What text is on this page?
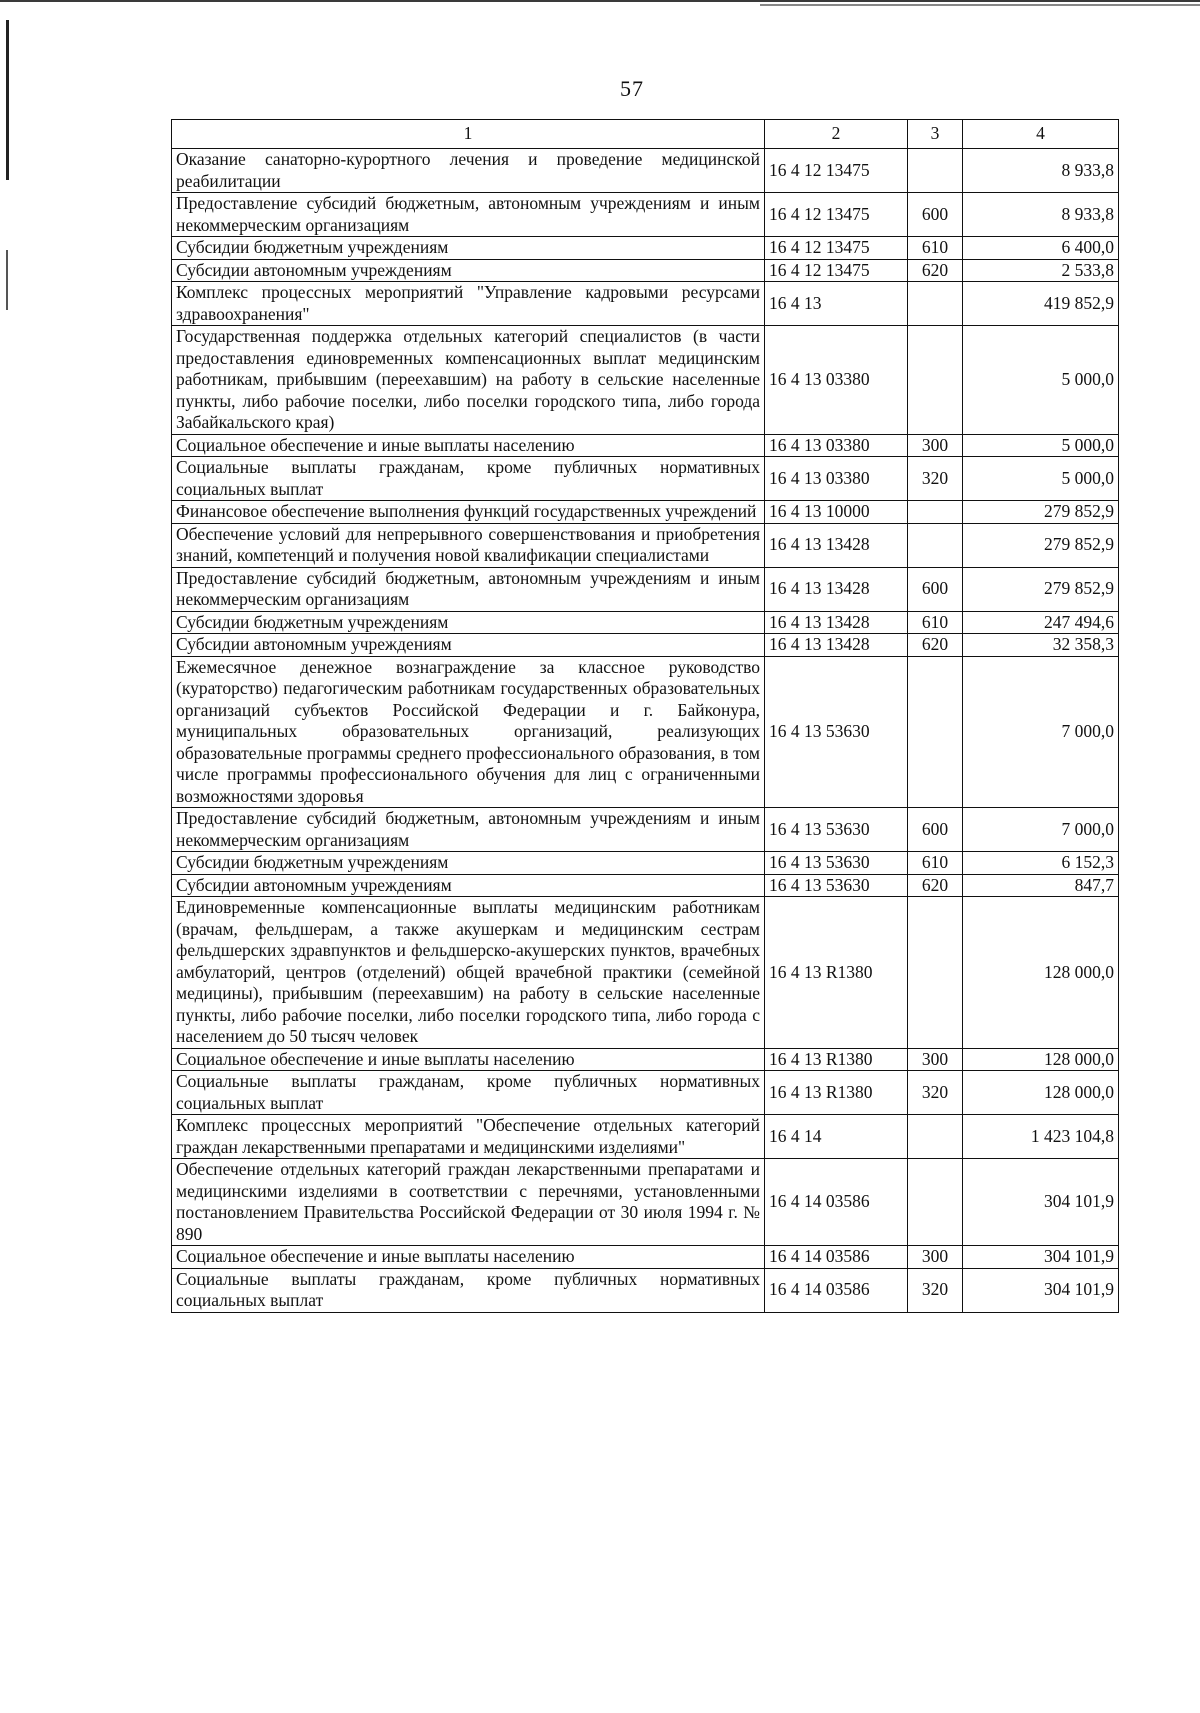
57
1	2	3	4
Оказание санаторно-курортного лечения и проведение медицинской реабилитации	16 4 12 13475		8 933,8
Предоставление субсидий бюджетным, автономным учреждениям и иным некоммерческим организациям	16 4 12 13475	600	8 933,8
Субсидии бюджетным учреждениям	16 4 12 13475	610	6 400,0
Субсидии автономным учреждениям	16 4 12 13475	620	2 533,8
Комплекс процессных мероприятий "Управление кадровыми ресурсами здравоохранения"	16 4 13		419 852,9
Государственная поддержка отдельных категорий специалистов (в части предоставления единовременных компенсационных выплат медицинским работникам, прибывшим (переехавшим) на работу в сельские населенные пункты, либо рабочие поселки, либо поселки городского типа, либо города Забайкальского края)	16 4 13 03380		5 000,0
Социальное обеспечение и иные выплаты населению	16 4 13 03380	300	5 000,0
Социальные выплаты гражданам, кроме публичных нормативных социальных выплат	16 4 13 03380	320	5 000,0
Финансовое обеспечение выполнения функций государственных учреждений	16 4 13 10000		279 852,9
Обеспечение условий для непрерывного совершенствования и приобретения знаний, компетенций и получения новой квалификации специалистами	16 4 13 13428		279 852,9
Предоставление субсидий бюджетным, автономным учреждениям и иным некоммерческим организациям	16 4 13 13428	600	279 852,9
Субсидии бюджетным учреждениям	16 4 13 13428	610	247 494,6
Субсидии автономным учреждениям	16 4 13 13428	620	32 358,3
Ежемесячное денежное вознаграждение за классное руководство (кураторство) педагогическим работникам государственных образовательных организаций субъектов Российской Федерации и г. Байконура, муниципальных образовательных организаций, реализующих образовательные программы среднего профессионального образования, в том числе программы профессионального обучения для лиц с ограниченными возможностями здоровья	16 4 13 53630		7 000,0
Предоставление субсидий бюджетным, автономным учреждениям и иным некоммерческим организациям	16 4 13 53630	600	7 000,0
Субсидии бюджетным учреждениям	16 4 13 53630	610	6 152,3
Субсидии автономным учреждениям	16 4 13 53630	620	847,7
Единовременные компенсационные выплаты медицинским работникам (врачам, фельдшерам, а также акушеркам и медицинским сестрам фельдшерских здравпунктов и фельдшерско-акушерских пунктов, врачебных амбулаторий, центров (отделений) общей врачебной практики (семейной медицины), прибывшим (переехавшим) на работу в сельские населенные пункты, либо рабочие поселки, либо поселки городского типа, либо города с населением до 50 тысяч человек	16 4 13 R1380		128 000,0
Социальное обеспечение и иные выплаты населению	16 4 13 R1380	300	128 000,0
Социальные выплаты гражданам, кроме публичных нормативных социальных выплат	16 4 13 R1380	320	128 000,0
Комплекс процессных мероприятий "Обеспечение отдельных категорий граждан лекарственными препаратами и медицинскими изделиями"	16 4 14		1 423 104,8
Обеспечение отдельных категорий граждан лекарственными препаратами и медицинскими изделиями в соответствии с перечнями, установленными постановлением Правительства Российской Федерации от 30 июля 1994 г. № 890	16 4 14 03586		304 101,9
Социальное обеспечение и иные выплаты населению	16 4 14 03586	300	304 101,9
Социальные выплаты гражданам, кроме публичных нормативных социальных выплат	16 4 14 03586	320	304 101,9
